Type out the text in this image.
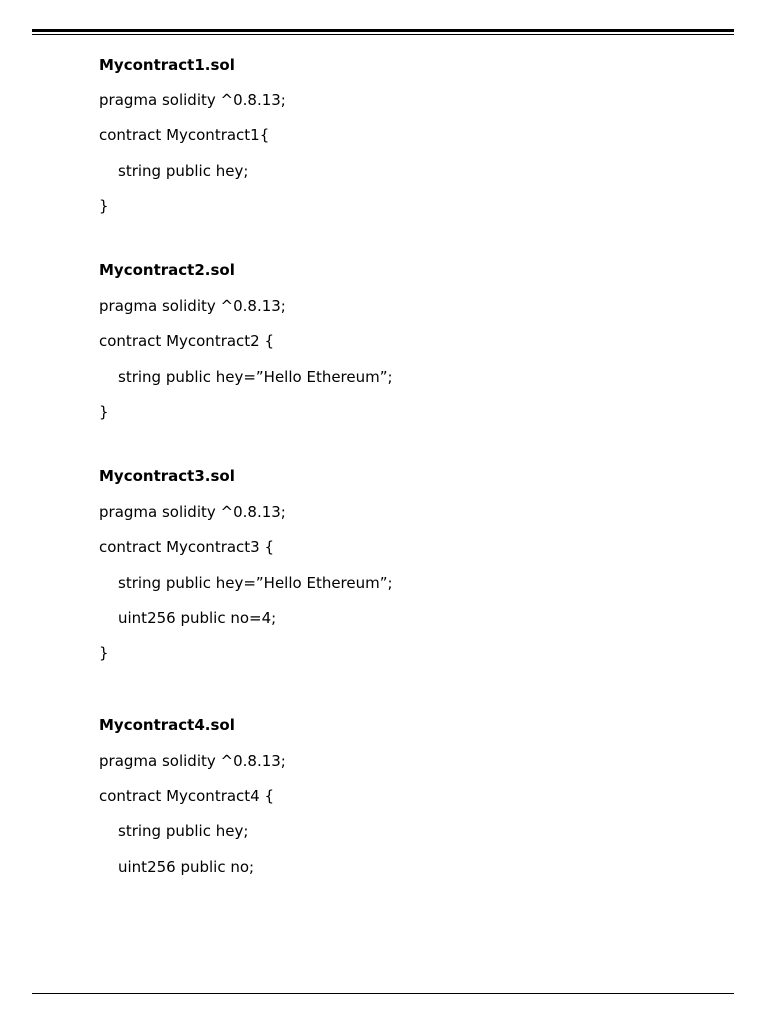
Mycontract1.sol
pragma solidity ^0.8.13;
contract Mycontract1{
string public hey;
}
Mycontract2.sol
pragma solidity ^0.8.13;
contract Mycontract2 {
string public hey=”Hello Ethereum”;
}
Mycontract3.sol
pragma solidity ^0.8.13;
contract Mycontract3 {
string public hey=”Hello Ethereum”;
uint256 public no=4;
}
Mycontract4.sol
pragma solidity ^0.8.13;
contract Mycontract4 {
string public hey;
uint256 public no;
